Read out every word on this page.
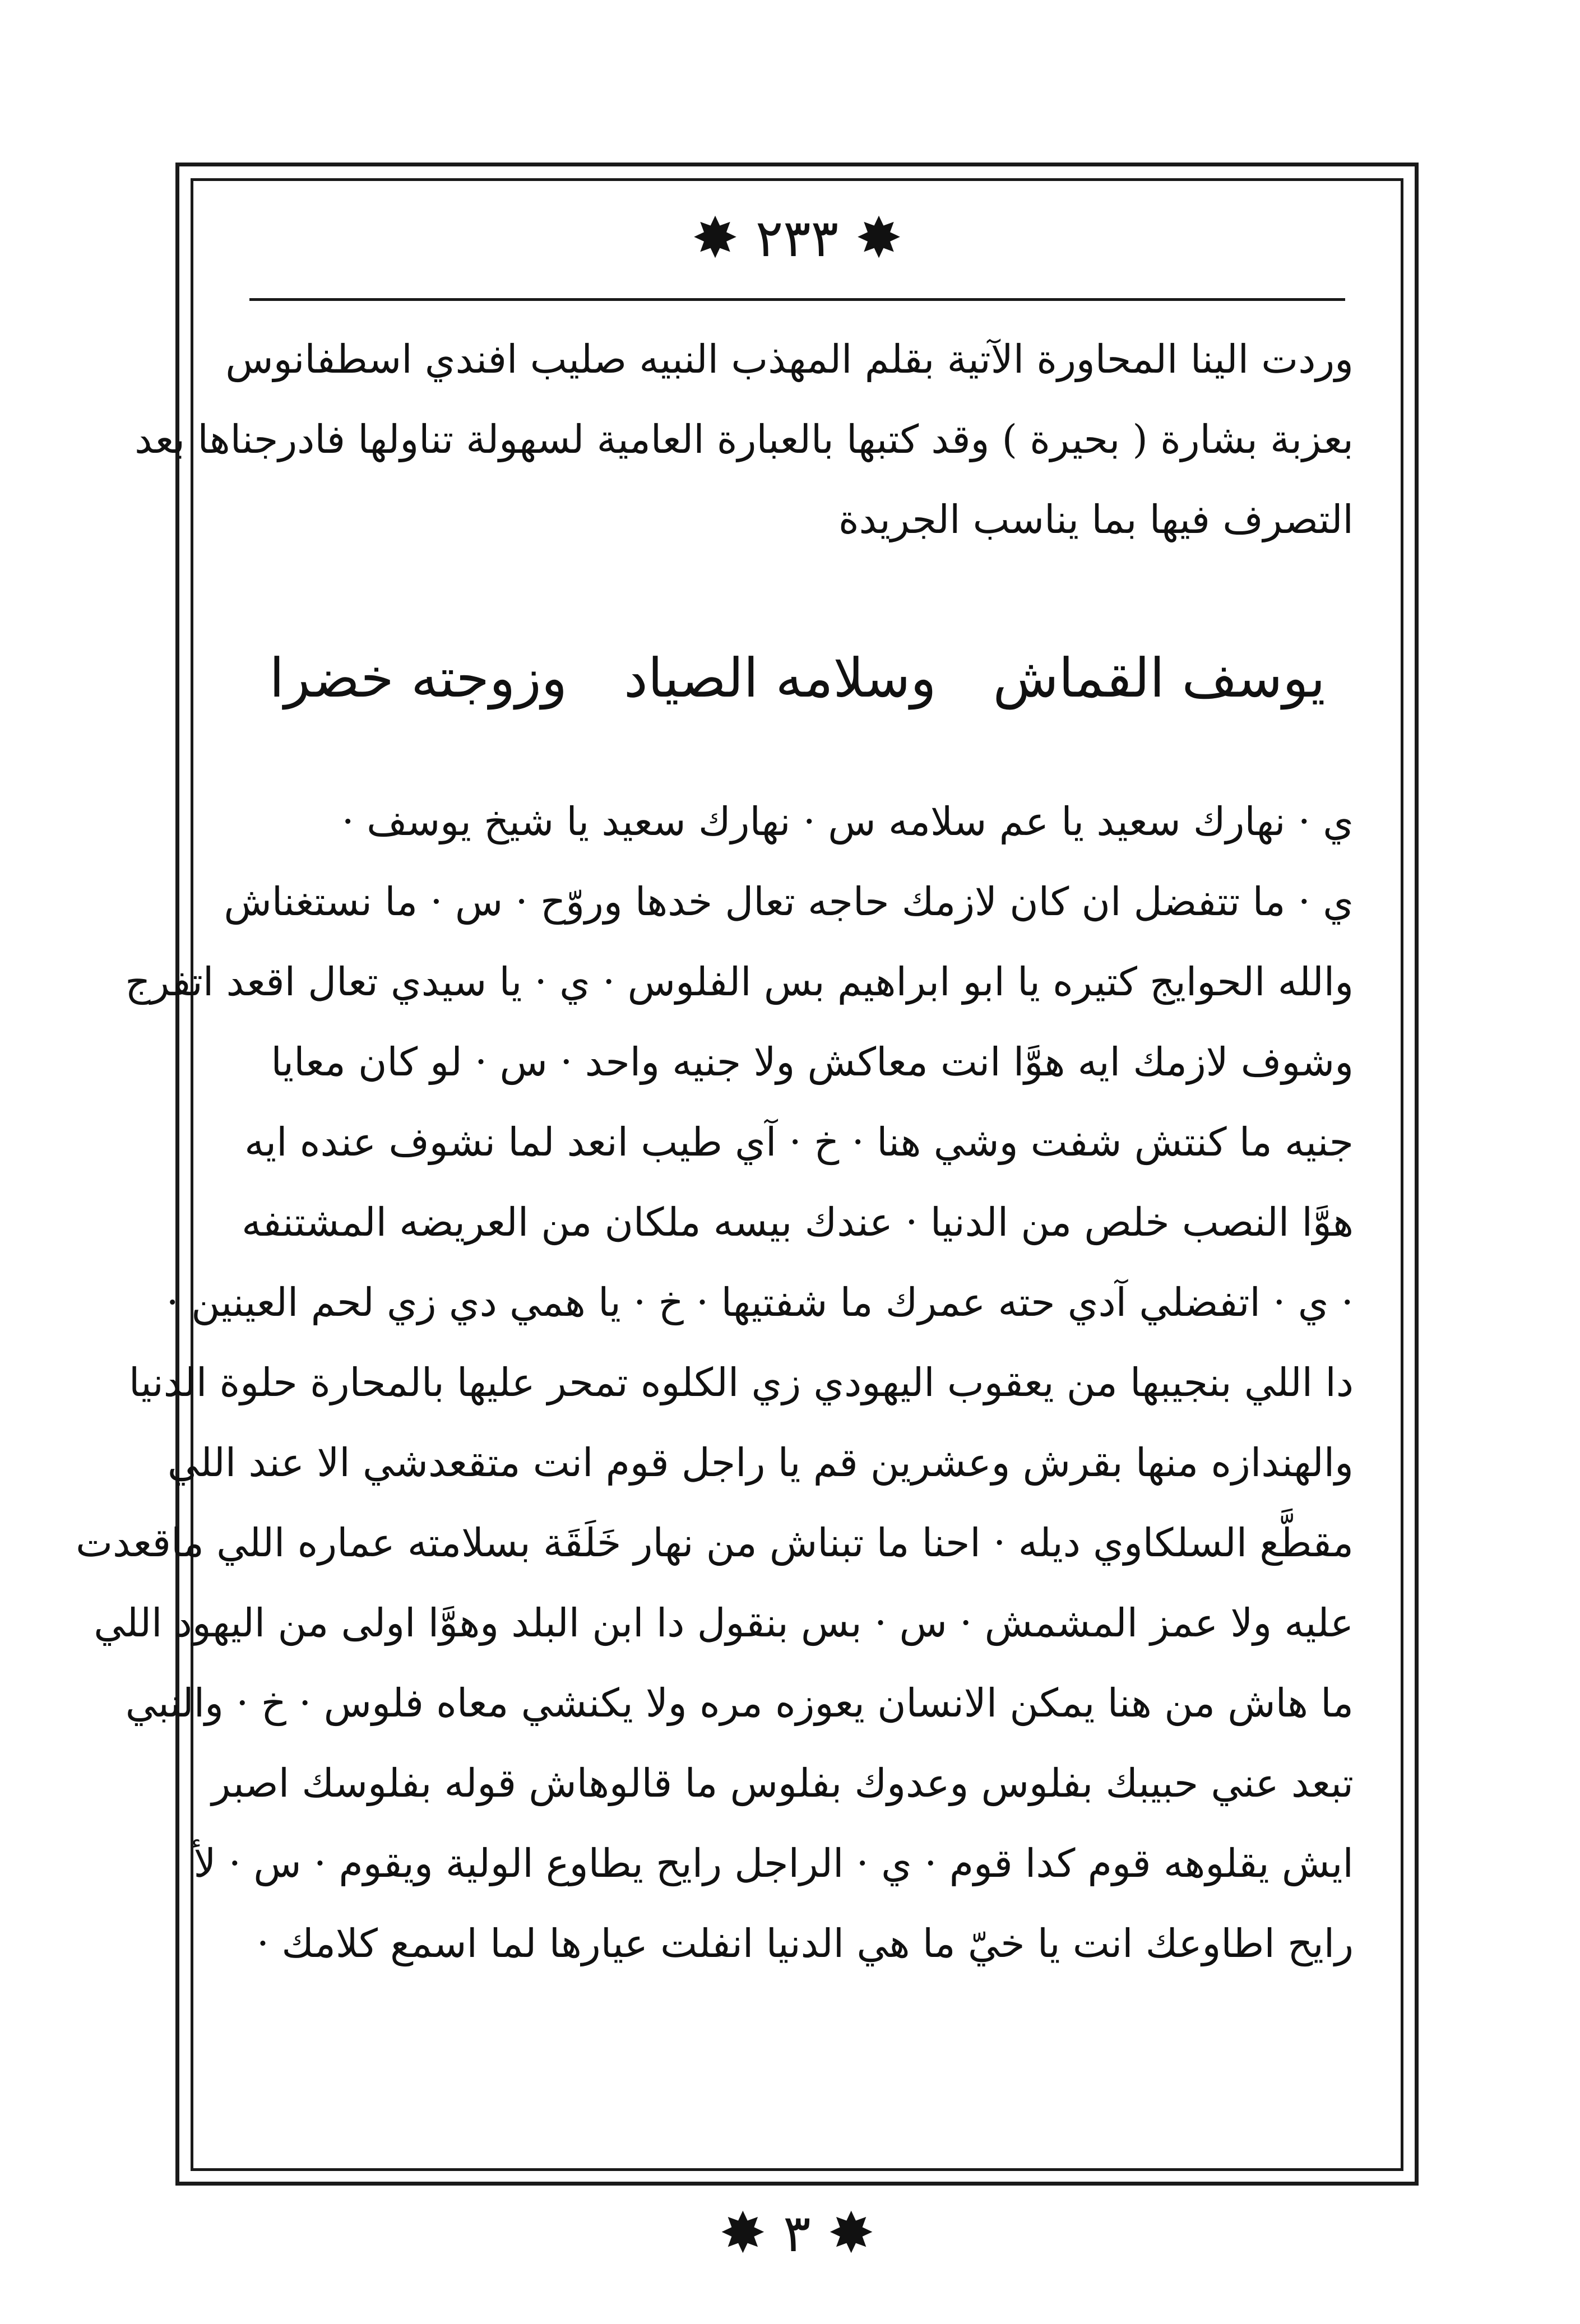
✸
٢٣٣
✸
وردت الينا المحاورة الآتية بقلم المهذب النبيه صليب افندي اسطفانوس
بعزبة بشارة ( بحيرة ) وقد كتبها بالعبارة العامية لسهولة تناولها فادرجناها بعد
التصرف فيها بما يناسب الجريدة
يوسف القماش
وسلامه الصياد
وزوجته خضرا
ي · نهارك سعيد يا عم سلامه س · نهارك سعيد يا شيخ يوسف ·
ي · ما تتفضل ان كان لازمك حاجه تعال خدها وروّح · س · ما نستغناش
والله الحوايج كتيره يا ابو ابراهيم بس الفلوس · ي · يا سيدي تعال اقعد اتفرج
وشوف لازمك ايه هوَّا انت معاكش ولا جنيه واحد · س · لو كان معايا
جنيه ما كنتش شفت وشي هنا · خ · آي طيب انعد لما نشوف عنده ايه
هوَّا النصب خلص من الدنيا · عندك بيسه ملكان من العريضه المشتنفه
· ي · اتفضلي آدي حته عمرك ما شفتيها · خ · يا همي دي زي لحم العينين ·
دا اللي بنجيبها من يعقوب اليهودي زي الكلوه تمحر عليها بالمحارة حلوة الدنيا
والهندازه منها بقرش وعشرين قم يا راجل قوم انت متقعدشي الا عند اللي
مقطَّع السلكاوي ديله · احنا ما تبناش من نهار خَلَقَة بسلامته عماره اللي ماقعدت
عليه ولا عمز المشمش · س · بس بنقول دا ابن البلد وهوَّا اولى من اليهود اللي
ما هاش من هنا يمكن الانسان يعوزه مره ولا يكنشي معاه فلوس · خ · والنبي
تبعد عني حبيبك بفلوس وعدوك بفلوس ما قالوهاش قوله بفلوسك اصبر
ايش يقلوهه قوم كدا قوم · ي · الراجل رايح يطاوع الولية ويقوم · س · لأ
رايح اطاوعك انت يا خيّ ما هي الدنيا انفلت عيارها لما اسمع كلامك ·
✸
٣
✸
